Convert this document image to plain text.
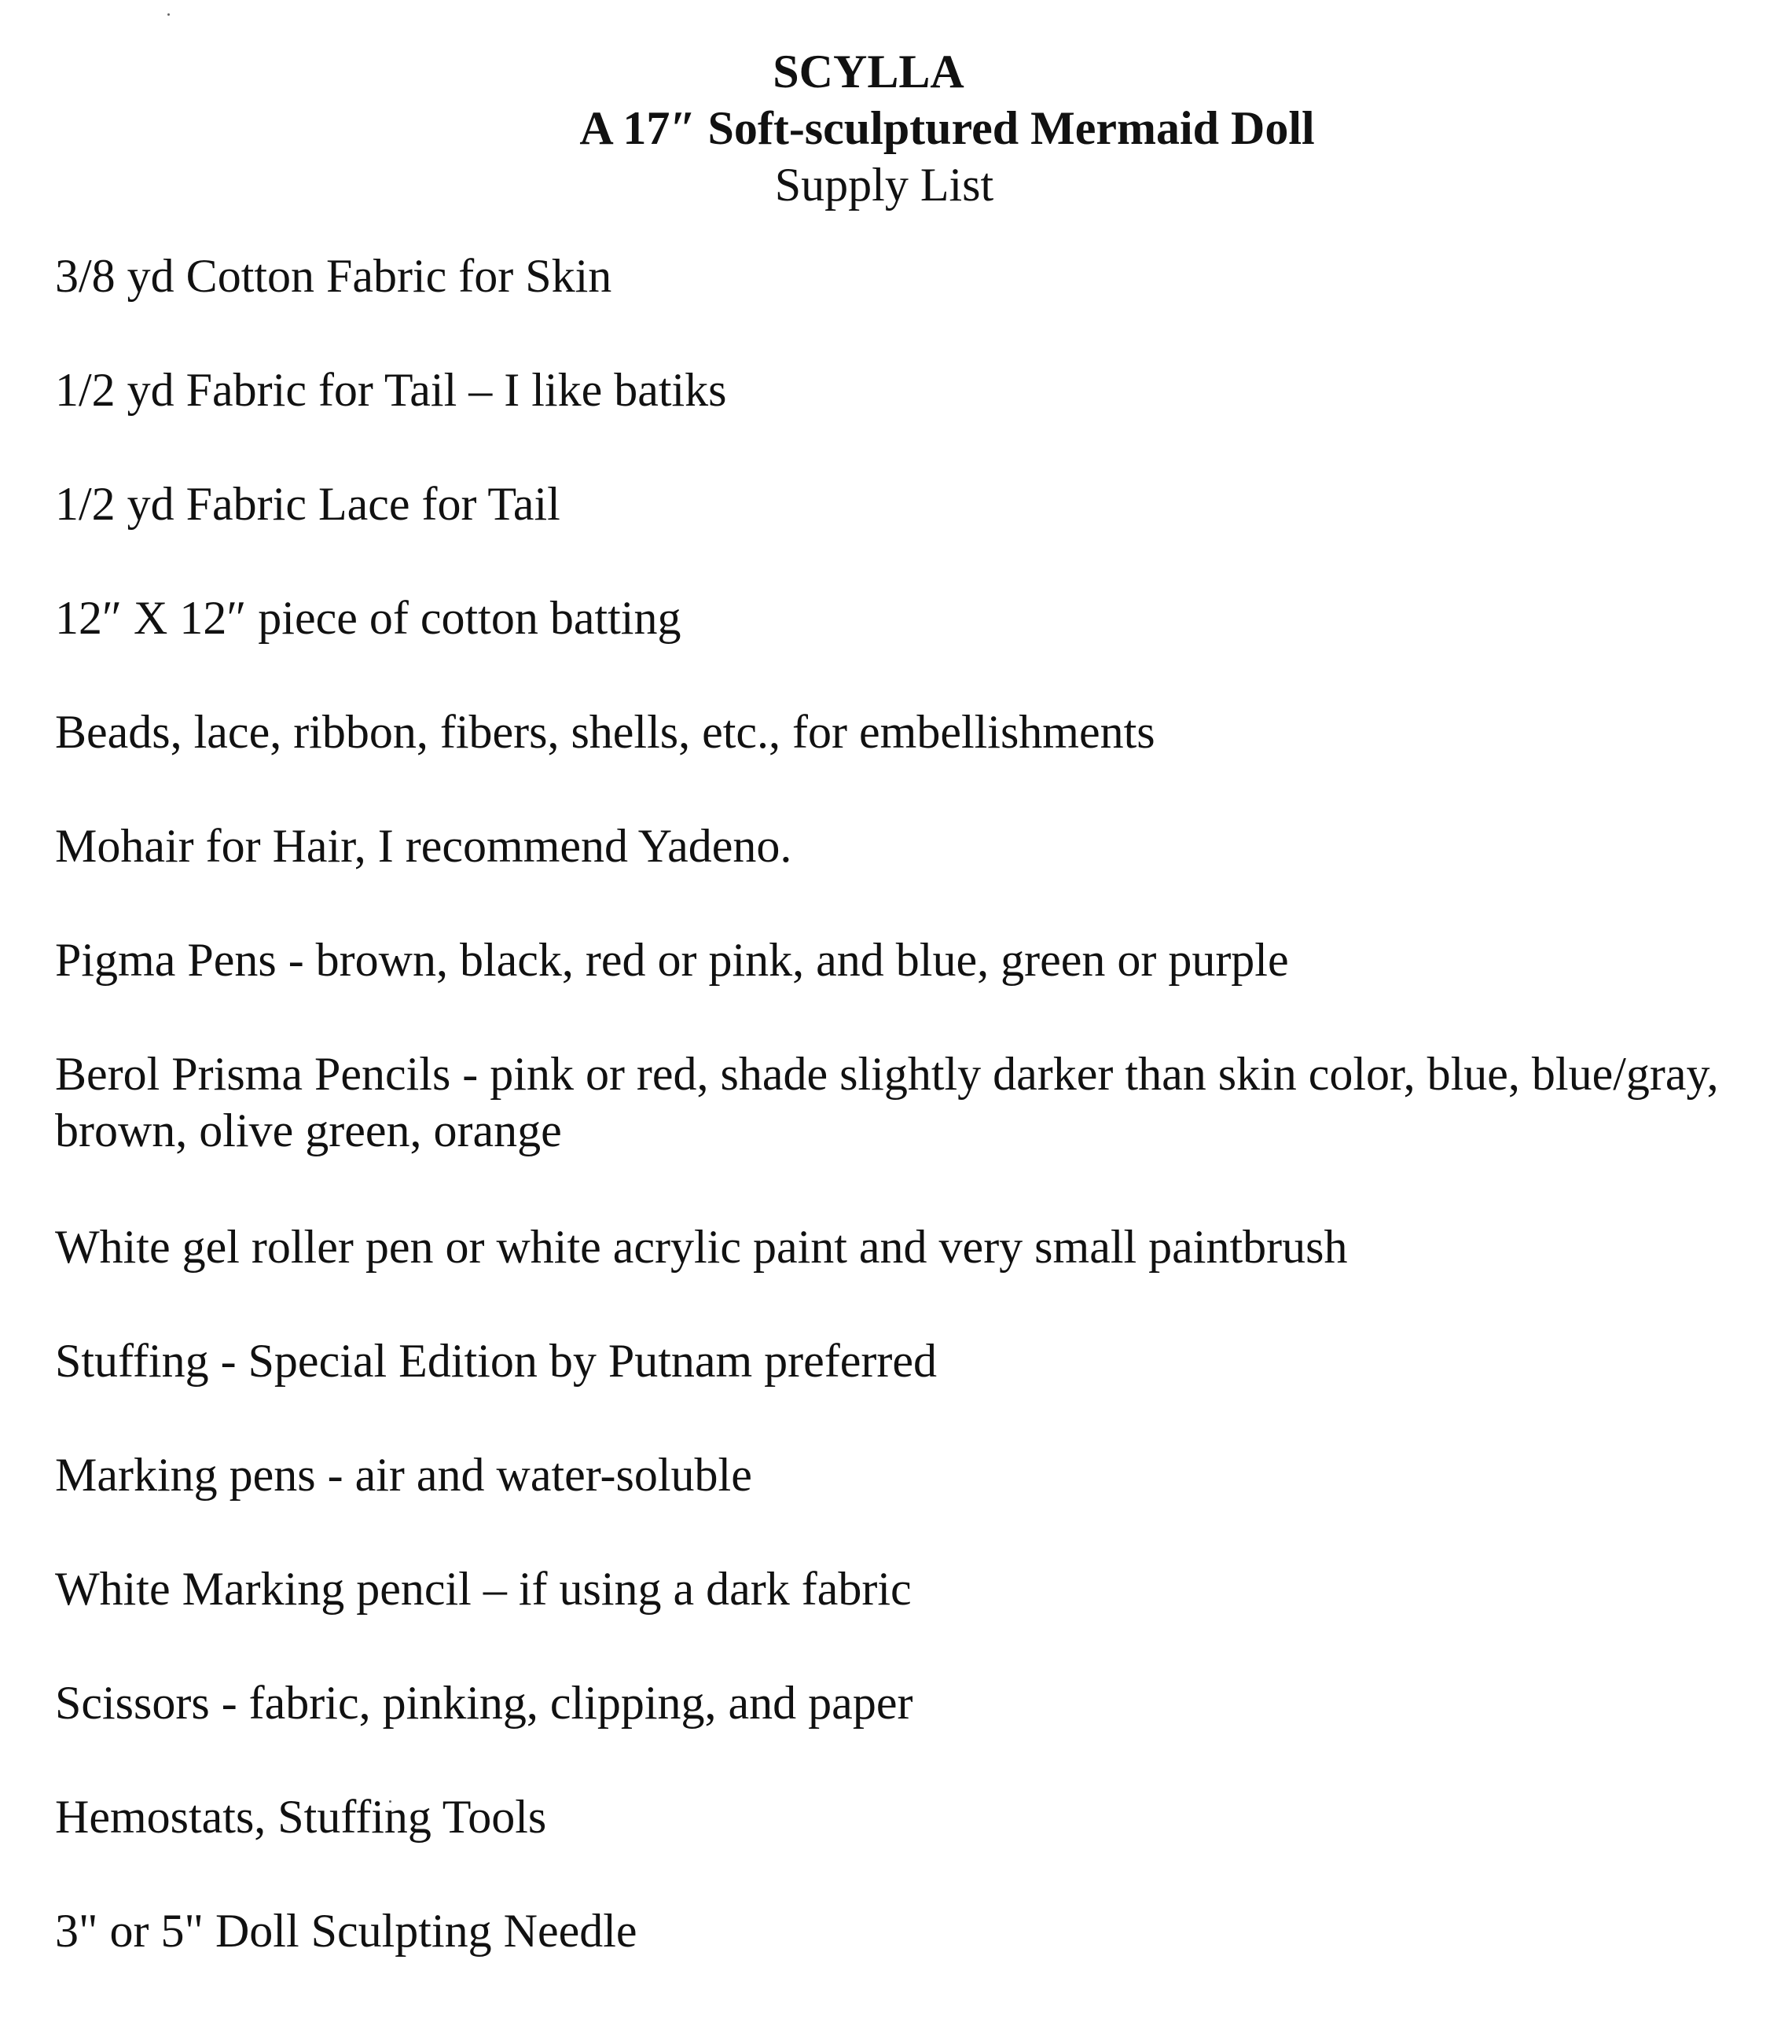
SCYLLA
A 17″ Soft-sculptured Mermaid Doll
Supply List
3/8 yd Cotton Fabric for Skin
1/2 yd Fabric for Tail – I like batiks
1/2 yd Fabric Lace for Tail
12″ X 12″ piece of cotton batting
Beads, lace, ribbon, fibers, shells, etc., for embellishments
Mohair for Hair, I recommend Yadeno.
Pigma Pens - brown, black, red or pink, and blue, green or purple
Berol Prisma Pencils - pink or red, shade slightly darker than skin color, blue, blue/gray, brown, olive green, orange
White gel roller pen or white acrylic paint and very small paintbrush
Stuffing - Special Edition by Putnam preferred
Marking pens - air and water-soluble
White Marking pencil – if using a dark fabric
Scissors - fabric, pinking, clipping, and paper
Hemostats, Stuffing Tools
3" or 5" Doll Sculpting Needle
